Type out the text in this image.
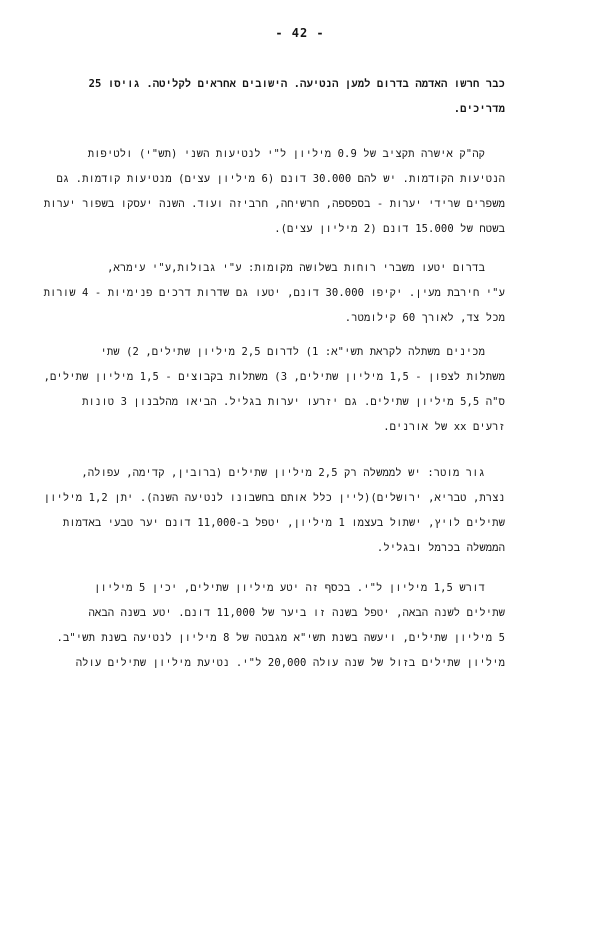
- 42 -
כבר חרשו האדמה בדרום למען הנטיעה. הישובים אחראים לקליטה. גויסו 25
מדריכים.
קה"ק אישרה תקציב של 0.9 מיליון ל"י לנטיעות השני (תש"י) ולטיפות
הנטיעות הקודמות. יש להם 30.000 דונם (6 מיליון עצים) מנטיעות קודמות. גם
משפרים שרידי יערות - בספספה, חרשיחה, חרביזה ועוד. השנה יעסקו בשפור יערות
בשטח של 15.000 דונם (2 מיליון עצים).
בדרום יטעו משברי רוחות בשלושה מקומות: ע"י גבולות,ע"י עימרא,
ע"י חירבת מעין. יקיפו 30.000 דונם, יטעו גם שדרות דרכים פנימיות - 4 שורות
מכל צד, לאורך 60 קילומטר.
מכינים משתלה לקראת תשי"א: 1) לדרום 2,5 מיליון שתילים, 2) שתי
משתלות לצפון - 1,5 מיליון שתילים, 3) משתלות בקבוצים - 1,5 מיליון שתילים,
ס"ה 5,5 מיליון שתילים. גם יזרעו יערות בגליל. הביאו מהלבנון 3 טונות
זרעים xx של אורנים.
גור מוטר: יש לממשלה רק 2,5 מיליון שתילים (ברובין, קדימה, עפולה,
נצרת, טבריא, ירושלים)(ליין כלל אותם בחשבונו לנטיעה השנה). יתן 1,2 מיליון
שתילים לויץ, ישתול בעצמו 1 מיליון, יטפל ב-11,000 דונם יער טבעי באדמות
הממשלה בכרמל ובגליל.
דורש 1,5 מיליון ל"י. בכסף זה יטע מיליון שתילים, יכין 5 מיליון
שתילים לשנה הבאה, יטפל בשנה זו ביער של 11,000 דונם. יטע בשנה הבאה
5 מיליון שתילים, ויעשה בשנת תשי"א מגבטה של 8 מיליון לנטיעה בשנת תשי"ב.
מיליון שתילים בזול של שנה עולה 20,000 ל"י. נטיעת מיליון שתילים עולה
